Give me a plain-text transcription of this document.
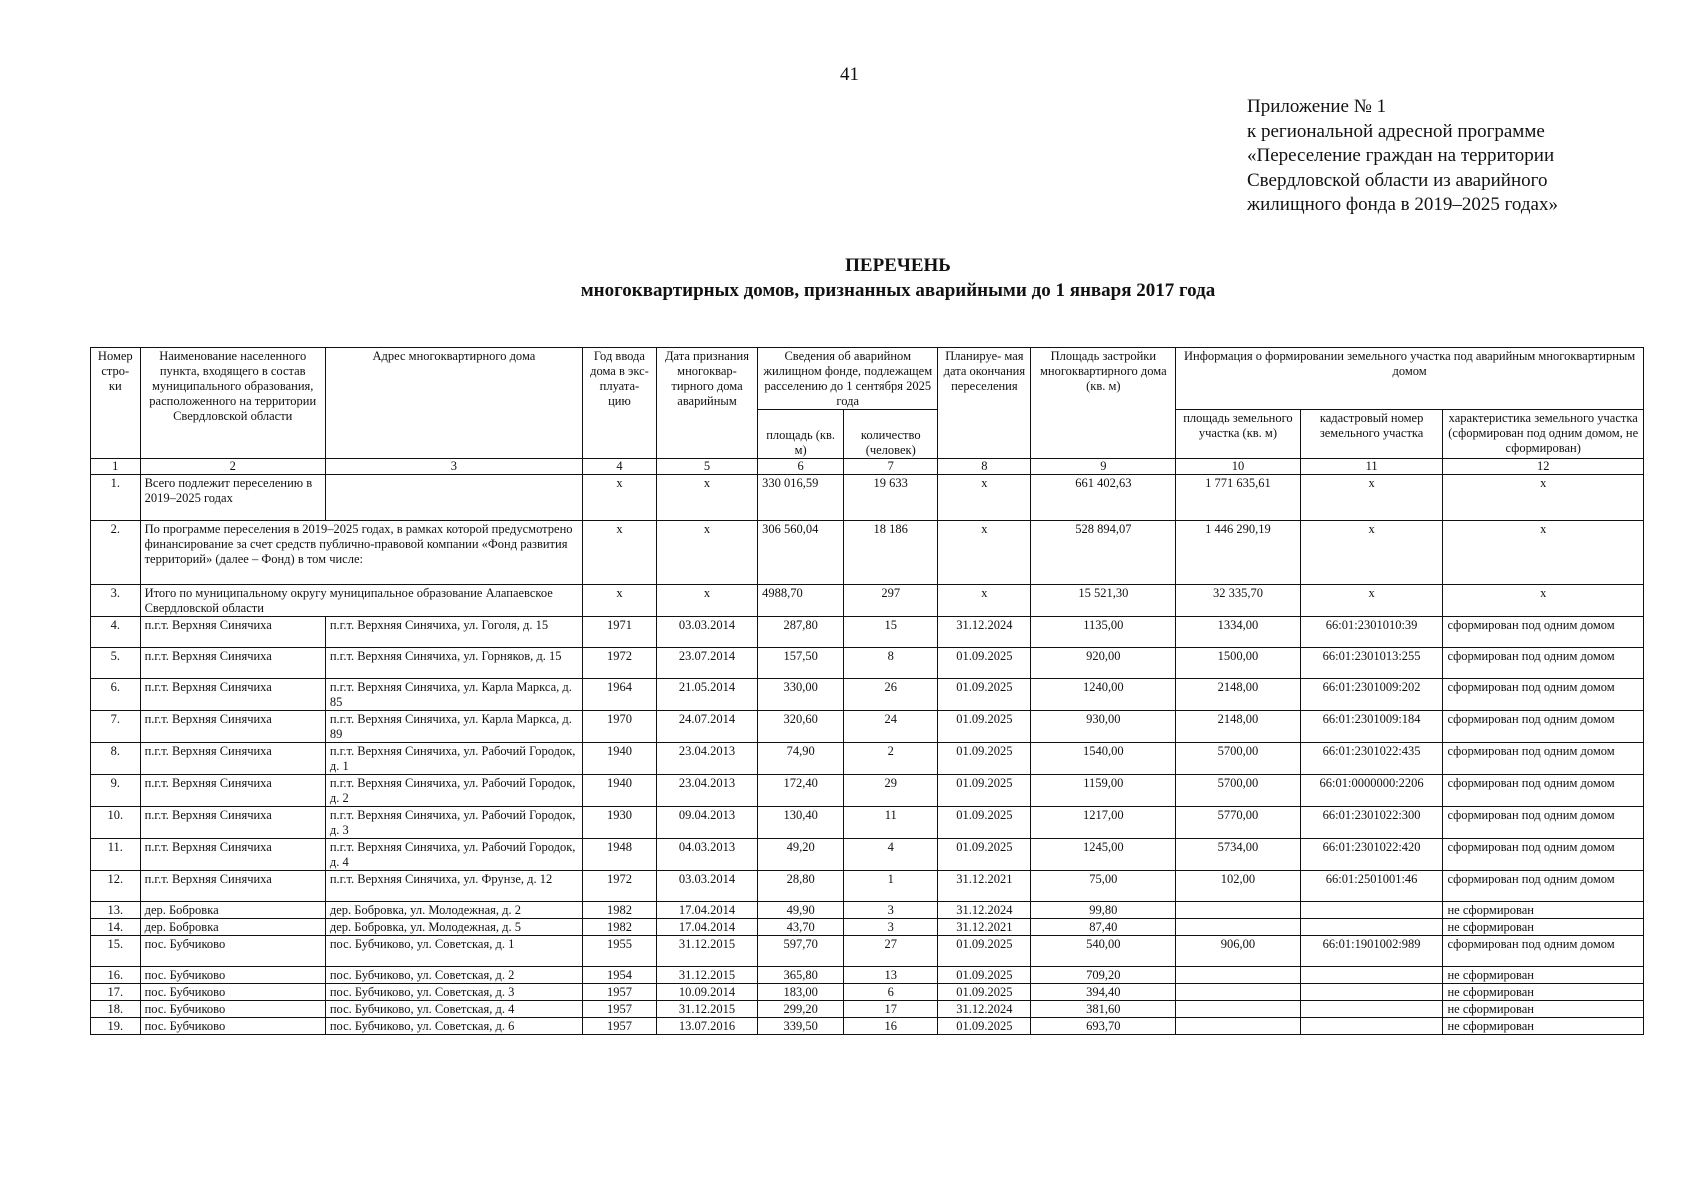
41
Приложение № 1
к региональной адресной программе
«Переселение граждан на территории
Свердловской области из аварийного
жилищного фонда в 2019–2025 годах»
ПЕРЕЧЕНЬ
многоквартирных домов, признанных аварийными до 1 января 2017 года
Номер стро- ки	Наименование населенного пункта, входящего в состав муниципального образования, расположенного на территории Свердловской области	Адрес многоквартирного дома	Год ввода дома в экс- плуата- цию	Дата признания многоквар- тирного дома аварийным	Сведения об аварийном жилищном фонде, подлежащем расселению до 1 сентября 2025 года		Планируе- мая дата окончания переселения	Площадь застройки многоквартирного дома (кв. м)	Информация о формировании земельного участка под аварийным многоквартирным домом		
					площадь (кв. м)	количество (человек)			площадь земельного участка (кв. м)	кадастровый номер земельного участка	характеристика земельного участка (сформирован под одним домом, не сформирован)
1	2	3	4	5	6	7	8	9	10	11	12
1.	Всего подлежит переселению в 2019–2025 годах		x	x	330 016,59	19 633	x	661 402,63	1 771 635,61	x	x
2.	По программе переселения в 2019–2025 годах, в рамках которой предусмотрено финансирование за счет средств публично-правовой компании «Фонд развития территорий» (далее – Фонд) в том числе:		x	x	306 560,04	18 186	x	528 894,07	1 446 290,19	x	x
3.	Итого по муниципальному округу муниципальное образование Алапаевское Свердловской области		x	x	4988,70	297	x	15 521,30	32 335,70	x	x
4.	п.г.т. Верхняя Синячиха	п.г.т. Верхняя Синячиха, ул. Гоголя, д. 15	1971	03.03.2014	287,80	15	31.12.2024	1135,00	1334,00	66:01:2301010:39	сформирован под одним домом
5.	п.г.т. Верхняя Синячиха	п.г.т. Верхняя Синячиха, ул. Горняков, д. 15	1972	23.07.2014	157,50	8	01.09.2025	920,00	1500,00	66:01:2301013:255	сформирован под одним домом
6.	п.г.т. Верхняя Синячиха	п.г.т. Верхняя Синячиха, ул. Карла Маркса, д. 85	1964	21.05.2014	330,00	26	01.09.2025	1240,00	2148,00	66:01:2301009:202	сформирован под одним домом
7.	п.г.т. Верхняя Синячиха	п.г.т. Верхняя Синячиха, ул. Карла Маркса, д. 89	1970	24.07.2014	320,60	24	01.09.2025	930,00	2148,00	66:01:2301009:184	сформирован под одним домом
8.	п.г.т. Верхняя Синячиха	п.г.т. Верхняя Синячиха, ул. Рабочий Городок, д. 1	1940	23.04.2013	74,90	2	01.09.2025	1540,00	5700,00	66:01:2301022:435	сформирован под одним домом
9.	п.г.т. Верхняя Синячиха	п.г.т. Верхняя Синячиха, ул. Рабочий Городок, д. 2	1940	23.04.2013	172,40	29	01.09.2025	1159,00	5700,00	66:01:0000000:2206	сформирован под одним домом
10.	п.г.т. Верхняя Синячиха	п.г.т. Верхняя Синячиха, ул. Рабочий Городок, д. 3	1930	09.04.2013	130,40	11	01.09.2025	1217,00	5770,00	66:01:2301022:300	сформирован под одним домом
11.	п.г.т. Верхняя Синячиха	п.г.т. Верхняя Синячиха, ул. Рабочий Городок, д. 4	1948	04.03.2013	49,20	4	01.09.2025	1245,00	5734,00	66:01:2301022:420	сформирован под одним домом
12.	п.г.т. Верхняя Синячиха	п.г.т. Верхняя Синячиха, ул. Фрунзе, д. 12	1972	03.03.2014	28,80	1	31.12.2021	75,00	102,00	66:01:2501001:46	сформирован под одним домом
13.	дер. Бобровка	дер. Бобровка, ул. Молодежная, д. 2	1982	17.04.2014	49,90	3	31.12.2024	99,80			не сформирован
14.	дер. Бобровка	дер. Бобровка, ул. Молодежная, д. 5	1982	17.04.2014	43,70	3	31.12.2021	87,40			не сформирован
15.	пос. Бубчиково	пос. Бубчиково, ул. Советская, д. 1	1955	31.12.2015	597,70	27	01.09.2025	540,00	906,00	66:01:1901002:989	сформирован под одним домом
16.	пос. Бубчиково	пос. Бубчиково, ул. Советская, д. 2	1954	31.12.2015	365,80	13	01.09.2025	709,20			не сформирован
17.	пос. Бубчиково	пос. Бубчиково, ул. Советская, д. 3	1957	10.09.2014	183,00	6	01.09.2025	394,40			не сформирован
18.	пос. Бубчиково	пос. Бубчиково, ул. Советская, д. 4	1957	31.12.2015	299,20	17	31.12.2024	381,60			не сформирован
19.	пос. Бубчиково	пос. Бубчиково, ул. Советская, д. 6	1957	13.07.2016	339,50	16	01.09.2025	693,70			не сформирован
